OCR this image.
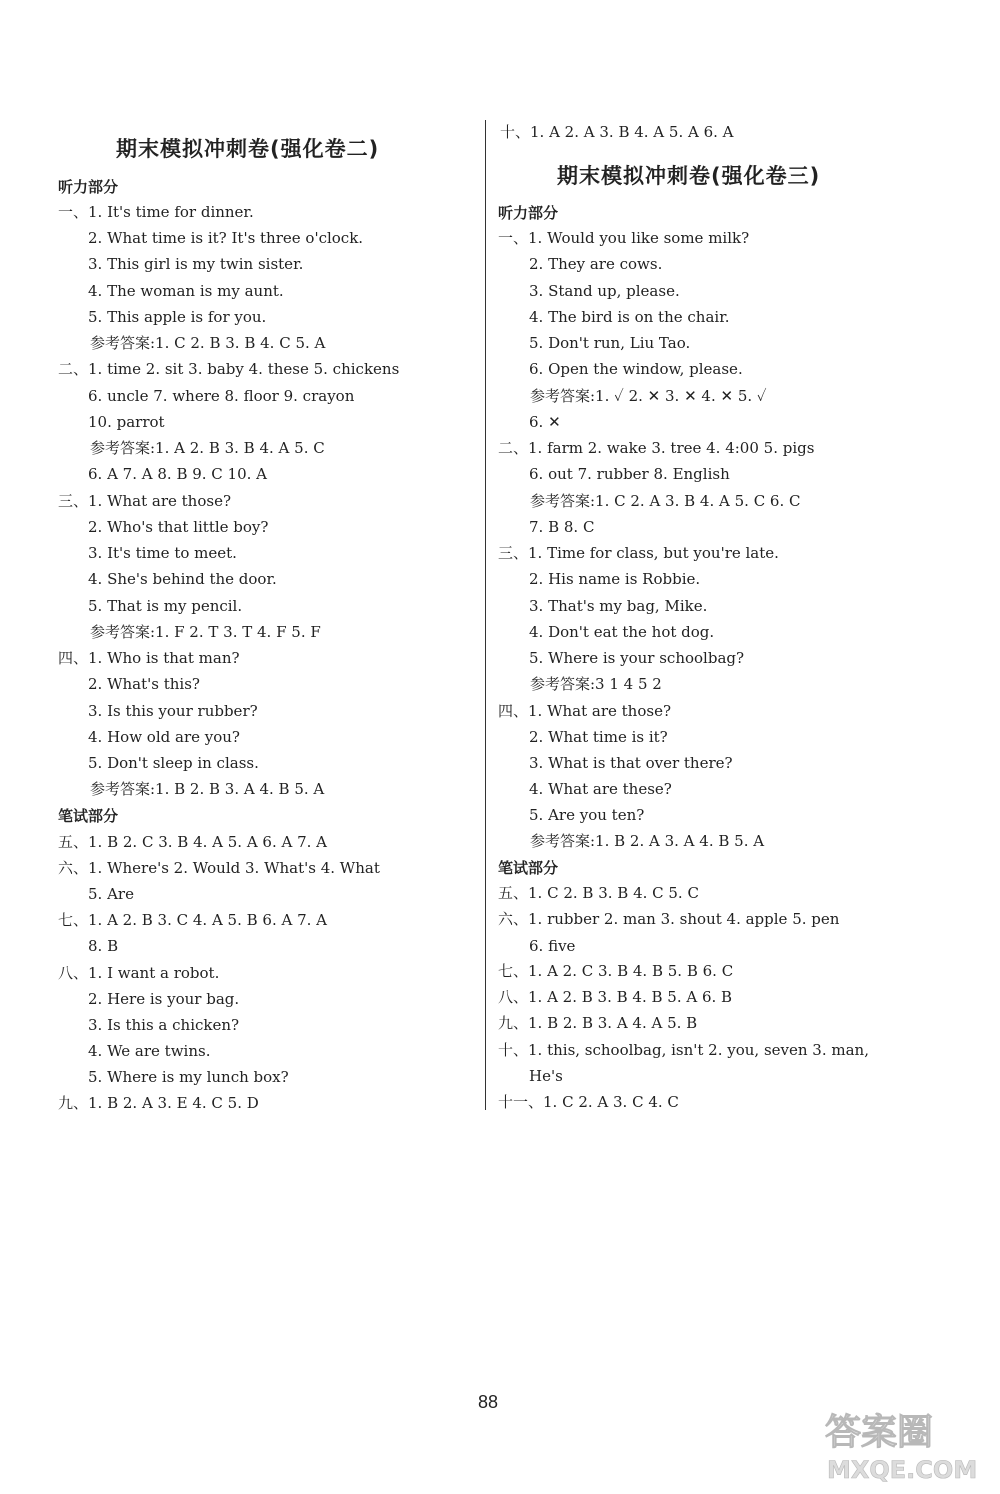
期末模拟冲刺卷(强化卷二)
听力部分
一、1. It's time for dinner.
2. What time is it? It's three o'clock.
3. This girl is my twin sister.
4. The woman is my aunt.
5. This apple is for you.
参考答案:1. C 2. B 3. B 4. C 5. A
二、1. time 2. sit 3. baby 4. these 5. chickens
6. uncle 7. where 8. floor 9. crayon
10. parrot
参考答案:1. A 2. B 3. B 4. A 5. C
6. A 7. A 8. B 9. C 10. A
三、1. What are those?
2. Who's that little boy?
3. It's time to meet.
4. She's behind the door.
5. That is my pencil.
参考答案:1. F 2. T 3. T 4. F 5. F
四、1. Who is that man?
2. What's this?
3. Is this your rubber?
4. How old are you?
5. Don't sleep in class.
参考答案:1. B 2. B 3. A 4. B 5. A
笔试部分
五、1. B 2. C 3. B 4. A 5. A 6. A 7. A
六、1. Where's 2. Would 3. What's 4. What
5. Are
七、1. A 2. B 3. C 4. A 5. B 6. A 7. A
8. B
八、1. I want a robot.
2. Here is your bag.
3. Is this a chicken?
4. We are twins.
5. Where is my lunch box?
九、1. B 2. A 3. E 4. C 5. D
十、1. A 2. A 3. B 4. A 5. A 6. A
期末模拟冲刺卷(强化卷三)
听力部分
一、1. Would you like some milk?
2. They are cows.
3. Stand up, please.
4. The bird is on the chair.
5. Don't run, Liu Tao.
6. Open the window, please.
参考答案:1. ✓ 2. ✕ 3. ✕ 4. ✕ 5. ✓
6. ✕
二、1. farm 2. wake 3. tree 4. 4:00 5. pigs
6. out 7. rubber 8. English
参考答案:1. C 2. A 3. B 4. A 5. C 6. C
7. B 8. C
三、1. Time for class, but you're late.
2. His name is Robbie.
3. That's my bag, Mike.
4. Don't eat the hot dog.
5. Where is your schoolbag?
参考答案:3 1 4 5 2
四、1. What are those?
2. What time is it?
3. What is that over there?
4. What are these?
5. Are you ten?
参考答案:1. B 2. A 3. A 4. B 5. A
笔试部分
五、1. C 2. B 3. B 4. C 5. C
六、1. rubber 2. man 3. shout 4. apple 5. pen
6. five
七、1. A 2. C 3. B 4. B 5. B 6. C
八、1. A 2. B 3. B 4. B 5. A 6. B
九、1. B 2. B 3. A 4. A 5. B
十、1. this, schoolbag, isn't 2. you, seven 3. man,
He's
十一、1. C 2. A 3. C 4. C
88
答案圈
MXQE.COM
